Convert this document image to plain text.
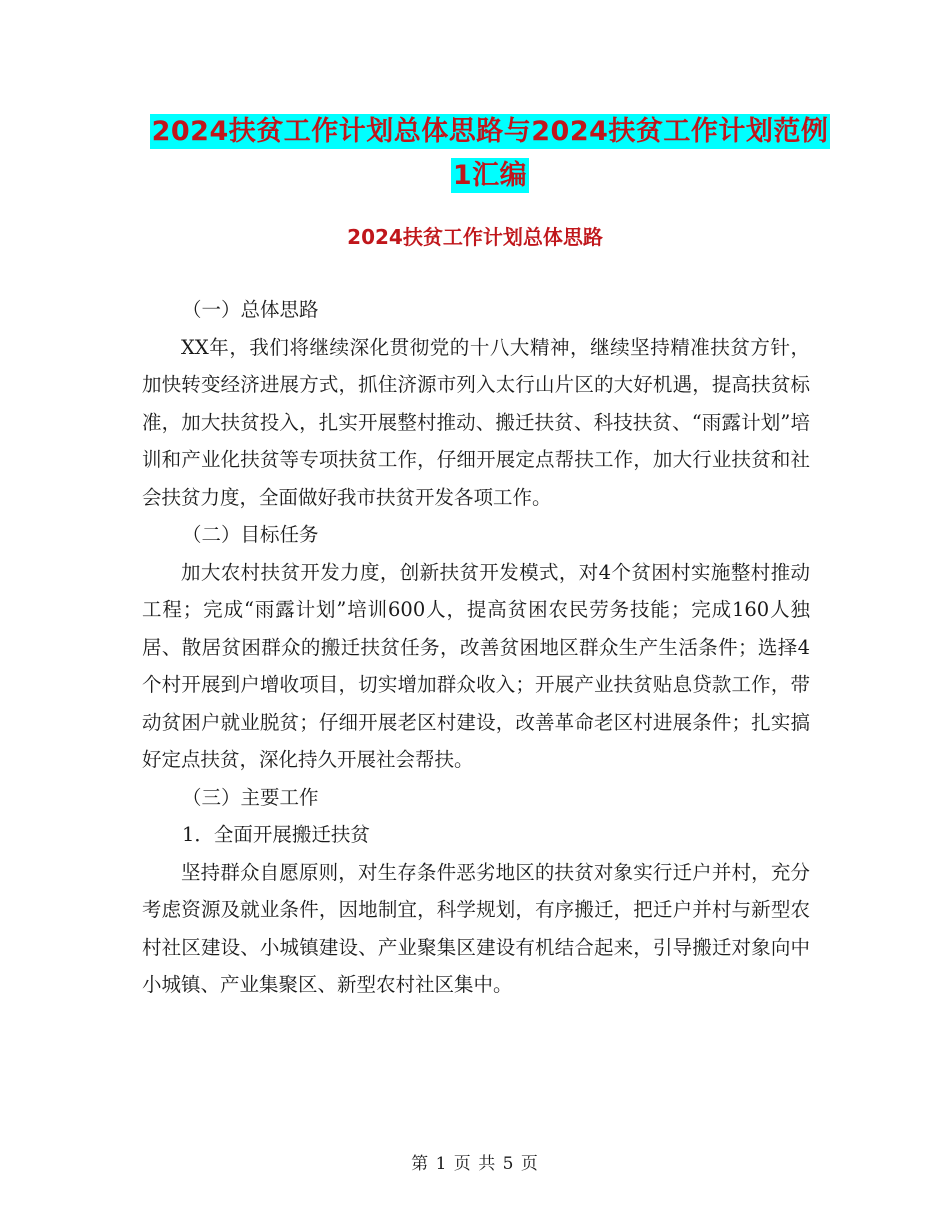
2024扶贫工作计划总体思路与2024扶贫工作计划范例
1汇编
2024扶贫工作计划总体思路

（一）总体思路

XX年，我们将继续深化贯彻党的十八大精神，继续坚持精准扶贫方针，加快转变经济进展方式，抓住济源市列入太行山片区的大好机遇，提高扶贫标准，加大扶贫投入，扎实开展整村推动、搬迁扶贫、科技扶贫、“雨露计划”培训和产业化扶贫等专项扶贫工作，仔细开展定点帮扶工作，加大行业扶贫和社会扶贫力度，全面做好我市扶贫开发各项工作。

（二）目标任务

加大农村扶贫开发力度，创新扶贫开发模式，对4个贫困村实施整村推动工程；完成“雨露计划”培训600人，提高贫困农民劳务技能；完成160人独居、散居贫困群众的搬迁扶贫任务，改善贫困地区群众生产生活条件；选择4个村开展到户增收项目，切实增加群众收入；开展产业扶贫贴息贷款工作，带动贫困户就业脱贫；仔细开展老区村建设，改善革命老区村进展条件；扎实搞好定点扶贫，深化持久开展社会帮扶。

（三）主要工作

1．全面开展搬迁扶贫

坚持群众自愿原则，对生存条件恶劣地区的扶贫对象实行迁户并村，充分考虑资源及就业条件，因地制宜，科学规划，有序搬迁，把迁户并村与新型农村社区建设、小城镇建设、产业聚集区建设有机结合起来，引导搬迁对象向中小城镇、产业集聚区、新型农村社区集中。

第 1 页 共 5 页
